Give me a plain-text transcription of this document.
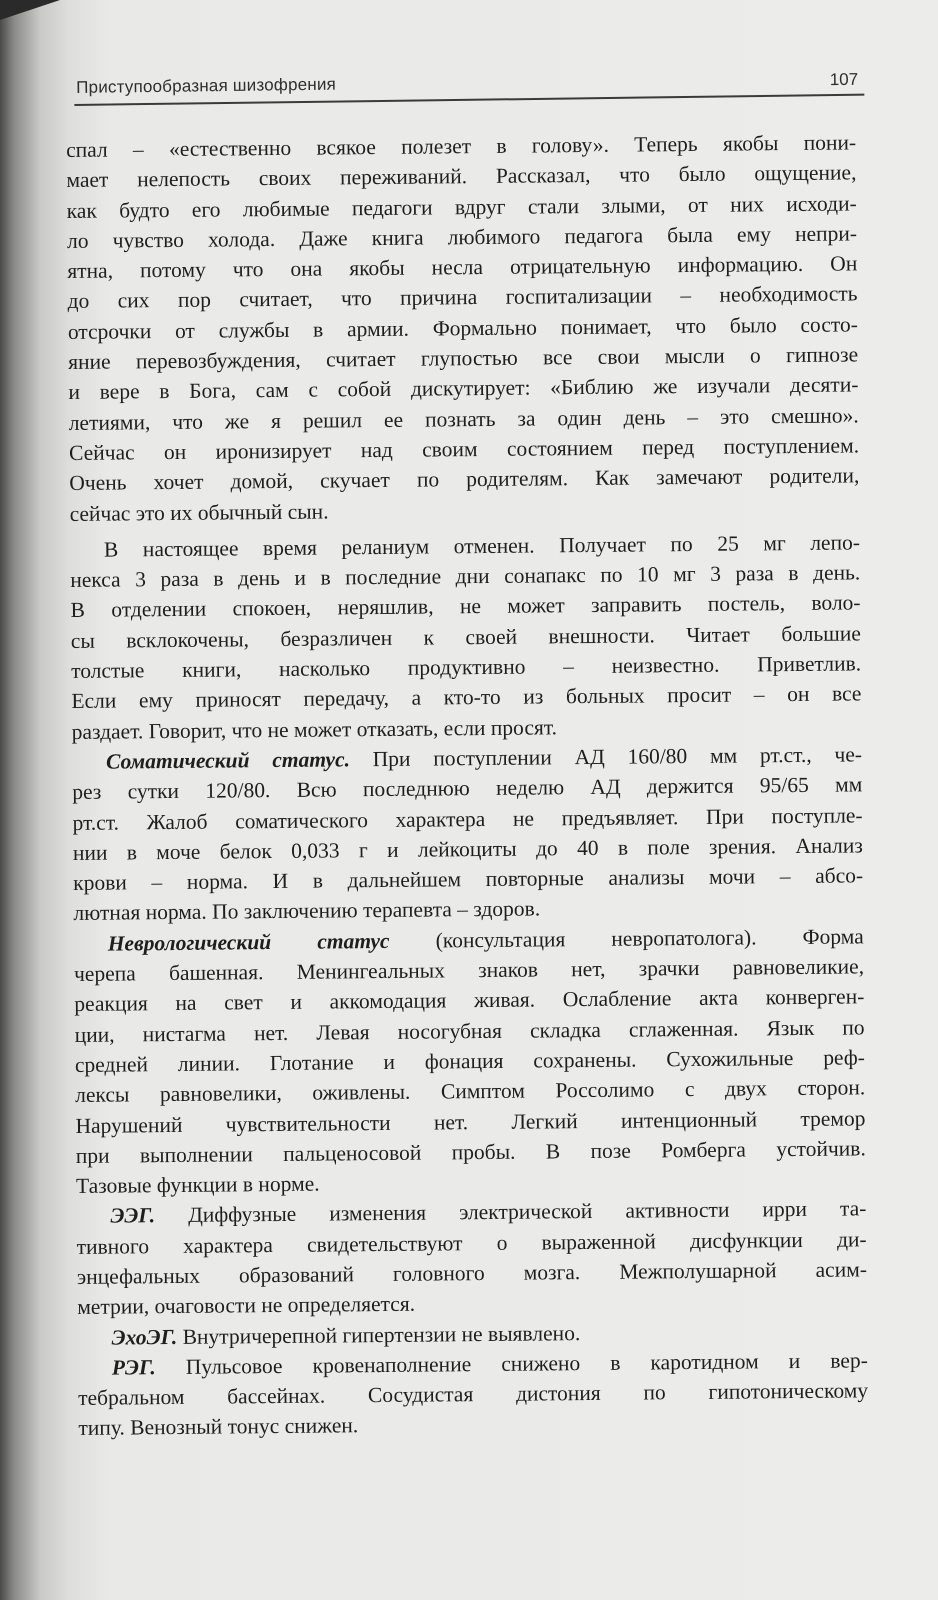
Приступообразная шизофрения	107
спал – «естественно всякое полезет в голову». Теперь якобы пони-
мает нелепость своих переживаний. Рассказал, что было ощущение,
как будто его любимые педагоги вдруг стали злыми, от них исходи-
ло чувство холода. Даже книга любимого педагога была ему непри-
ятна, потому что она якобы несла отрицательную информацию. Он
до сих пор считает, что причина госпитализации – необходимость
отсрочки от службы в армии. Формально понимает, что было состо-
яние перевозбуждения, считает глупостью все свои мысли о гипнозе
и вере в Бога, сам с собой дискутирует: «Библию же изучали десяти-
летиями, что же я решил ее познать за один день – это смешно».
Сейчас он иронизирует над своим состоянием перед поступлением.
Очень хочет домой, скучает по родителям. Как замечают родители,
сейчас это их обычный сын.
В настоящее время реланиум отменен. Получает по 25 мг лепо-
некса 3 раза в день и в последние дни сонапакс по 10 мг 3 раза в день.
В отделении спокоен, неряшлив, не может заправить постель, воло-
сы всклокочены, безразличен к своей внешности. Читает большие
толстые книги, насколько продуктивно – неизвестно. Приветлив.
Если ему приносят передачу, а кто-то из больных просит – он все
раздает. Говорит, что не может отказать, если просят.
Соматический статус. При поступлении АД 160/80 мм рт.ст., че-
рез сутки 120/80. Всю последнюю неделю АД держится 95/65 мм
рт.ст. Жалоб соматического характера не предъявляет. При поступле-
нии в моче белок 0,033 г и лейкоциты до 40 в поле зрения. Анализ
крови – норма. И в дальнейшем повторные анализы мочи – абсо-
лютная норма. По заключению терапевта – здоров.
Неврологический статус (консультация невропатолога). Форма
черепа башенная. Менингеальных знаков нет, зрачки равновеликие,
реакция на свет и аккомодация живая. Ослабление акта конверген-
ции, нистагма нет. Левая носогубная складка сглаженная. Язык по
средней линии. Глотание и фонация сохранены. Сухожильные реф-
лексы равновелики, оживлены. Симптом Россолимо с двух сторон.
Нарушений чувствительности нет. Легкий интенционный тремор
при выполнении пальценосовой пробы. В позе Ромберга устойчив.
Тазовые функции в норме.
ЭЭГ. Диффузные изменения электрической активности ирри та-
тивного характера свидетельствуют о выраженной дисфункции ди-
энцефальных образований головного мозга. Межполушарной асим-
метрии, очаговости не определяется.
ЭхоЭГ. Внутричерепной гипертензии не выявлено.
РЭГ. Пульсовое кровенаполнение снижено в каротидном и вер-
тебральном бассейнах. Сосудистая дистония по гипотоническому
типу. Венозный тонус снижен.
